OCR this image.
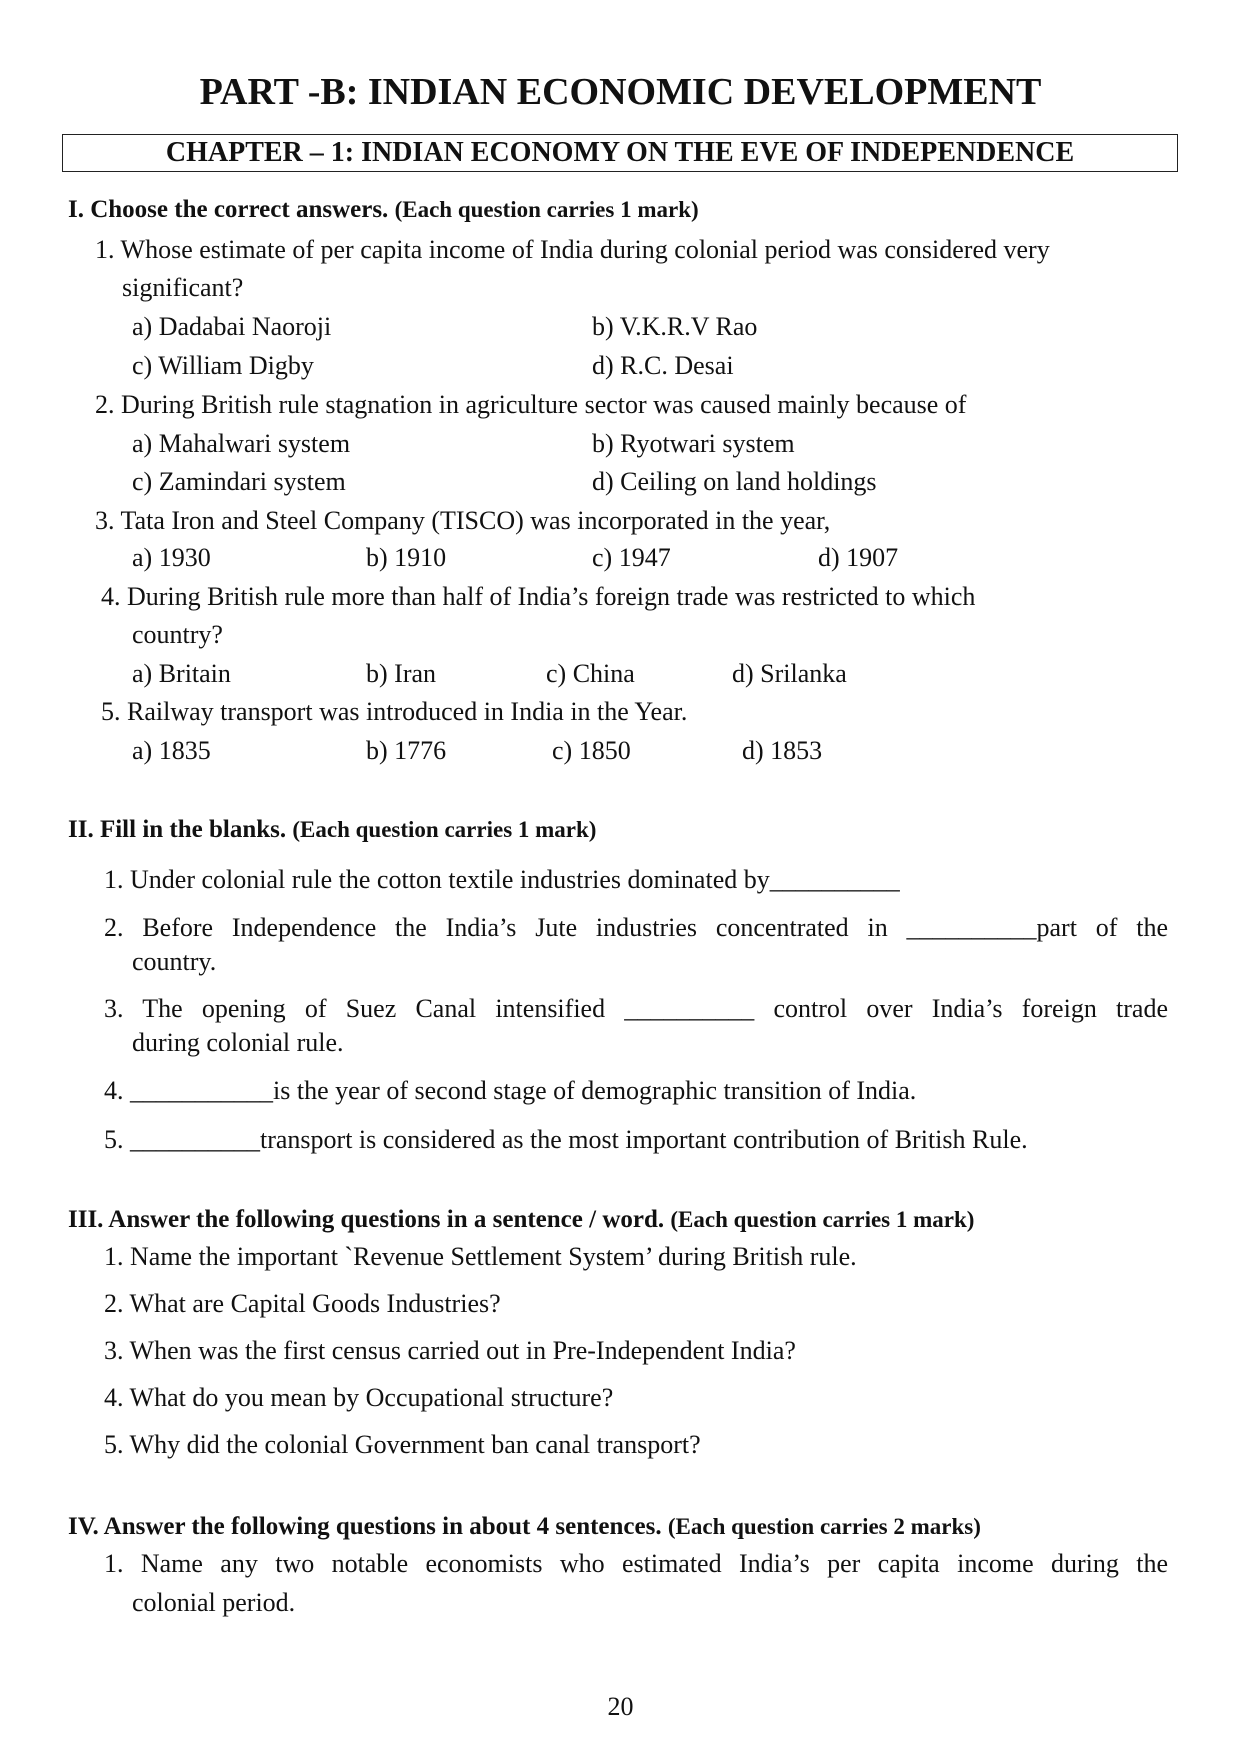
PART -B: INDIAN ECONOMIC DEVELOPMENT
CHAPTER – 1: INDIAN ECONOMY ON THE EVE OF INDEPENDENCE
I. Choose the correct answers. (Each question carries 1 mark)
1. Whose estimate of per capita income of India during colonial period was considered very
significant?
a) Dadabai Naoroji	b) V.K.R.V Rao
c) William Digby	d) R.C. Desai
2. During British rule stagnation in agriculture sector was caused mainly because of
a) Mahalwari system	b) Ryotwari system
c) Zamindari system	d) Ceiling on land holdings
3. Tata Iron and Steel Company (TISCO) was incorporated in the year,
a) 1930	b) 1910	c) 1947	d) 1907
4. During British rule more than half of India’s foreign trade was restricted to which
country?
a) Britain	b) Iran	c) China	d) Srilanka
5. Railway transport was introduced in India in the Year.
a) 1835	b) 1776	c) 1850	d) 1853
II. Fill in the blanks. (Each question carries 1 mark)
1. Under colonial rule the cotton textile industries dominated by__________
2. Before Independence the India’s Jute industries concentrated in __________part of the
country.
3. The opening of Suez Canal intensified __________ control over India’s foreign trade
during colonial rule.
4. ___________is the year of second stage of demographic transition of India.
5. __________transport is considered as the most important contribution of British Rule.
III. Answer the following questions in a sentence / word. (Each question carries 1 mark)
1. Name the important `Revenue Settlement System’ during British rule.
2. What are Capital Goods Industries?
3. When was the first census carried out in Pre-Independent India?
4. What do you mean by Occupational structure?
5. Why did the colonial Government ban canal transport?
IV. Answer the following questions in about 4 sentences. (Each question carries 2 marks)
1. Name any two notable economists who estimated India’s per capita income during the
colonial period.
20
